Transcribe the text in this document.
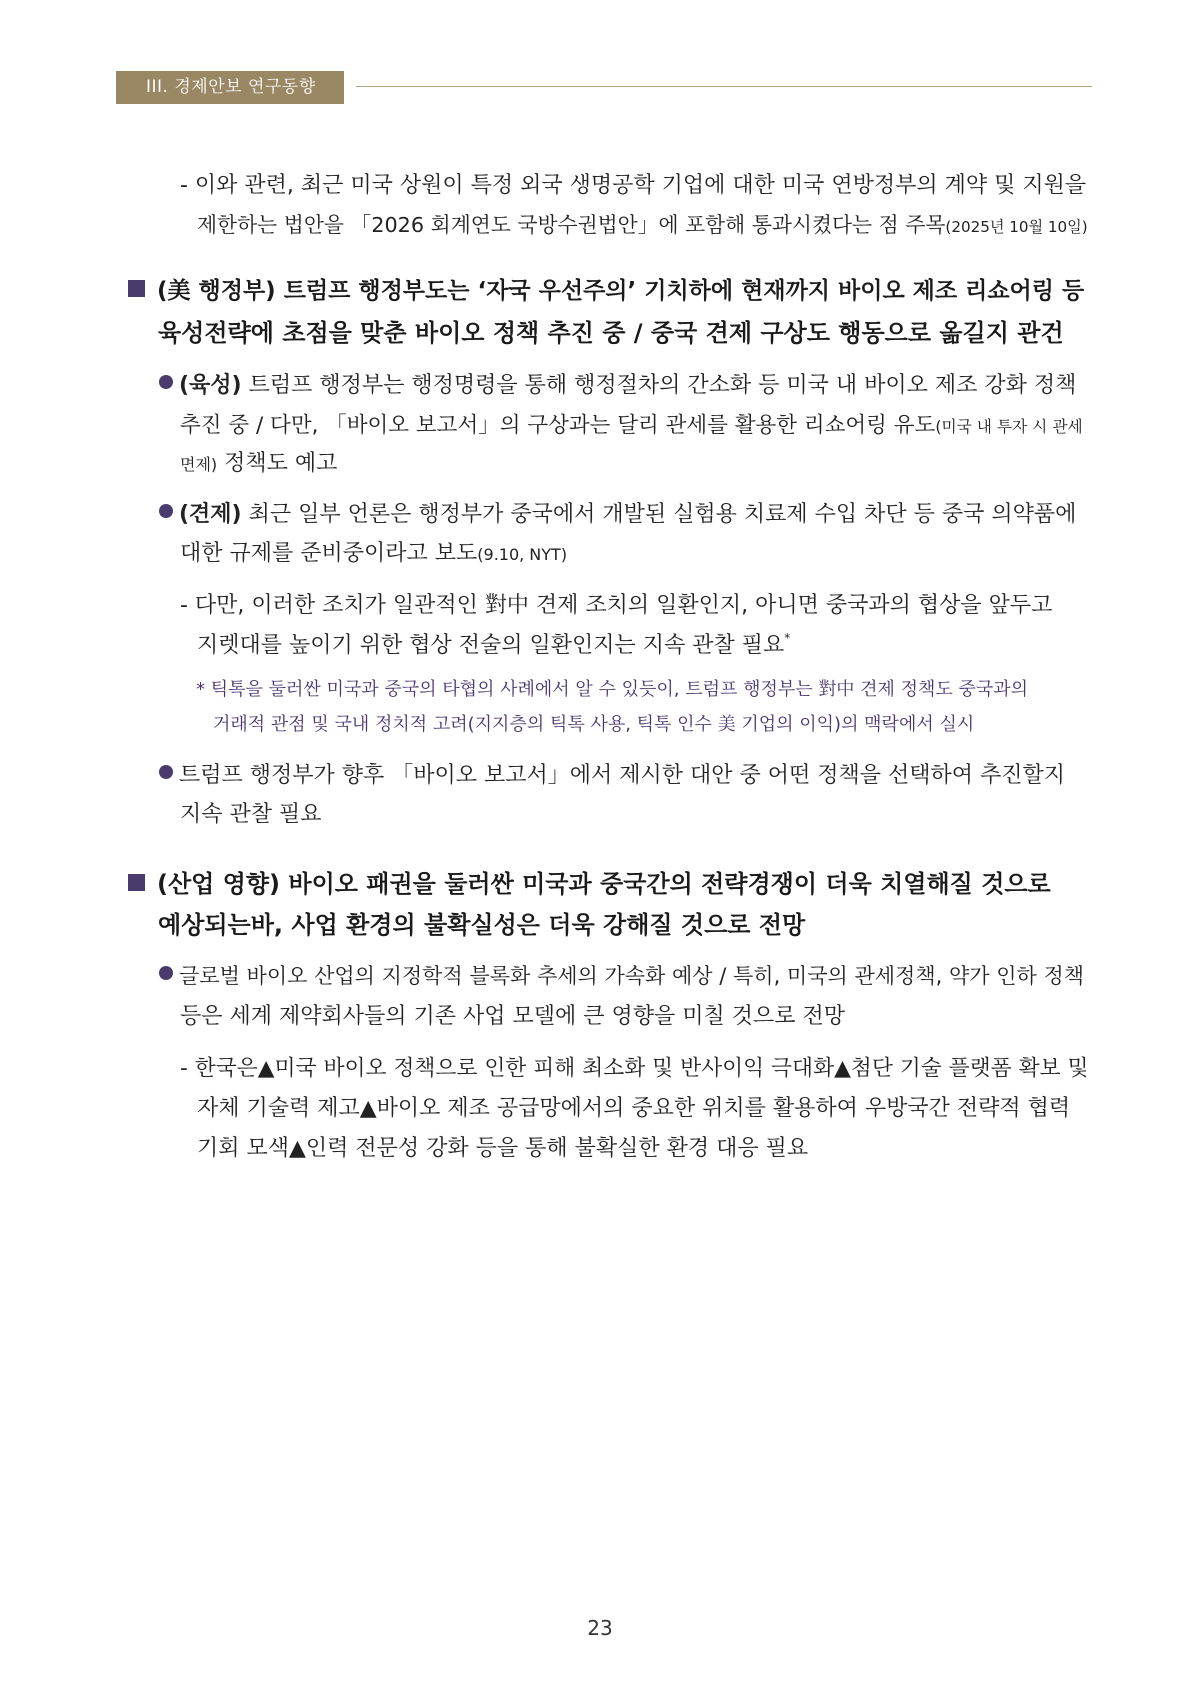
III. 경제안보 연구동향
- 이와 관련, 최근 미국 상원이 특정 외국 생명공학 기업에 대한 미국 연방정부의 계약 및 지원을
제한하는 법안을 「2026 회계연도 국방수권법안」에 포함해 통과시켰다는 점 주목(2025년 10월 10일)
(美 행정부) 트럼프 행정부도는 ‘자국 우선주의’ 기치하에 현재까지 바이오 제조 리쇼어링 등
육성전략에 초점을 맞춘 바이오 정책 추진 중 / 중국 견제 구상도 행동으로 옮길지 관건
(육성) 트럼프 행정부는 행정명령을 통해 행정절차의 간소화 등 미국 내 바이오 제조 강화 정책
추진 중 / 다만, 「바이오 보고서」의 구상과는 달리 관세를 활용한 리쇼어링 유도(미국 내 투자 시 관세
면제) 정책도 예고
(견제) 최근 일부 언론은 행정부가 중국에서 개발된 실험용 치료제 수입 차단 등 중국 의약품에
대한 규제를 준비중이라고 보도(9.10, NYT)
- 다만, 이러한 조치가 일관적인 對中 견제 조치의 일환인지, 아니면 중국과의 협상을 앞두고
지렛대를 높이기 위한 협상 전술의 일환인지는 지속 관찰 필요*
* 틱톡을 둘러싼 미국과 중국의 타협의 사례에서 알 수 있듯이, 트럼프 행정부는 對中 견제 정책도 중국과의
거래적 관점 및 국내 정치적 고려(지지층의 틱톡 사용, 틱톡 인수 美 기업의 이익)의 맥락에서 실시
트럼프 행정부가 향후 「바이오 보고서」에서 제시한 대안 중 어떤 정책을 선택하여 추진할지
지속 관찰 필요
(산업 영향) 바이오 패권을 둘러싼 미국과 중국간의 전략경쟁이 더욱 치열해질 것으로
예상되는바, 사업 환경의 불확실성은 더욱 강해질 것으로 전망
글로벌 바이오 산업의 지정학적 블록화 추세의 가속화 예상 / 특히, 미국의 관세정책, 약가 인하 정책
등은 세계 제약회사들의 기존 사업 모델에 큰 영향을 미칠 것으로 전망
- 한국은▲미국 바이오 정책으로 인한 피해 최소화 및 반사이익 극대화▲첨단 기술 플랫폼 확보 및
자체 기술력 제고▲바이오 제조 공급망에서의 중요한 위치를 활용하여 우방국간 전략적 협력
기회 모색▲인력 전문성 강화 등을 통해 불확실한 환경 대응 필요
23
